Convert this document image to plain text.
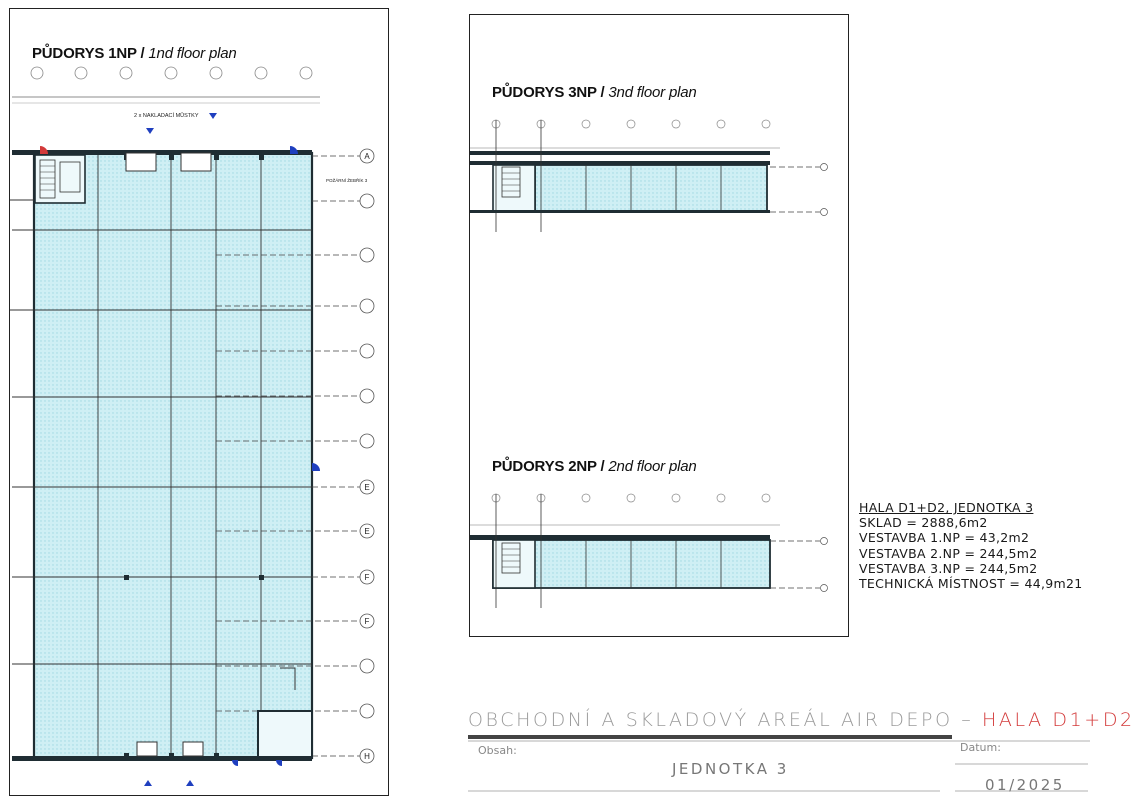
PŮDORYS 1NP / 1nd floor plan
A
E
E
F
F
H
2 x NAKLADACÍ MŮSTKY
POŽÁRNÍ ŽEBŘÍK 3
PŮDORYS 3NP / 3nd floor plan
PŮDORYS 2NP / 2nd floor plan
HALA D1+D2, JEDNOTKA 3
SKLAD = 2888,6m2
VESTAVBA 1.NP = 43,2m2
VESTAVBA 2.NP = 244,5m2
VESTAVBA 3.NP = 244,5m2
TECHNICKÁ MÍSTNOST = 44,9m21
OBCHODNÍ A SKLADOVÝ AREÁL AIR DEPO – HALA D1+D2
Obsah:
JEDNOTKA 3
Datum:
01/2025
